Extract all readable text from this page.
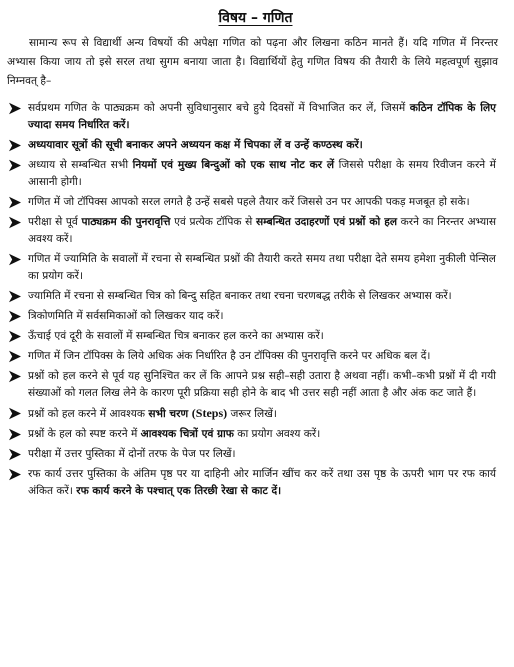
विषय – गणित

सामान्य रूप से विद्यार्थी अन्य विषयों की अपेक्षा गणित को पढ़ना और लिखना कठिन मानते हैं। यदि गणित में निरन्तर अभ्यास किया जाय तो इसे सरल तथा सुगम बनाया जाता है। विद्यार्थियों हेतु गणित विषय की तैयारी के लिये महत्वपूर्ण सुझाव निम्नवत् है–

सर्वप्रथम गणित के पाठ्यक्रम को अपनी सुविधानुसार बचे हुये दिवसों में विभाजित कर लें, जिसमें कठिन टॉपिक के लिए ज्यादा समय निर्धारित करें।
अध्ययावार सूत्रों की सूची बनाकर अपने अध्ययन कक्ष में चिपका लें व उन्हें कण्ठस्थ करें।
अध्याय से सम्बन्धित सभी नियमों एवं मुख्य बिन्दुओं को एक साथ नोट कर लें जिससे परीक्षा के समय रिवीजन करने में आसानी होगी।
गणित में जो टॉपिक्स आपको सरल लगते है उन्हें सबसे पहले तैयार करें जिससे उन पर आपकी पकड़ मजबूत हो सके।
परीक्षा से पूर्व पाठ्यक्रम की पुनरावृत्ति एवं प्रत्येक टॉपिक से सम्बन्धित उदाहरणों एवं प्रश्नों को हल करने का निरन्तर अभ्यास अवश्य करें।
गणित में ज्यामिति के सवालों में रचना से सम्बन्धित प्रश्नों की तैयारी करते समय तथा परीक्षा देते समय हमेशा नुकीली पेन्सिल का प्रयोग करें।
ज्यामिति में रचना से सम्बन्धित चित्र को बिन्दु सहित बनाकर तथा रचना चरणबद्ध तरीके से लिखकर अभ्यास करें।
त्रिकोणमिति में सर्वसमिकाओं को लिखकर याद करें।
ऊँचाई एवं दूरी के सवालों में सम्बन्धित चित्र बनाकर हल करने का अभ्यास करें।
गणित में जिन टॉपिक्स के लिये अधिक अंक निर्धारित है उन टॉपिक्स की पुनरावृत्ति करने पर अधिक बल दें।
प्रश्नों को हल करने से पूर्व यह सुनिश्चित कर लें कि आपने प्रश्न सही–सही उतारा है अथवा नहीं। कभी–कभी प्रश्नों में दी गयी संख्याओं को गलत लिख लेने के कारण पूरी प्रक्रिया सही होने के बाद भी उत्तर सही नहीं आता है और अंक कट जाते हैं।
प्रश्नों को हल करने में आवश्यक सभी चरण (Steps) जरूर लिखें।
प्रश्नों के हल को स्पष्ट करने में आवश्यक चित्रों एवं ग्राफ का प्रयोग अवश्य करें।
परीक्षा में उत्तर पुस्तिका में दोनों तरफ के पेज पर लिखें।
रफ कार्य उत्तर पुस्तिका के अंतिम पृष्ठ पर या दाहिनी ओर मार्जिन खींच कर करें तथा उस पृष्ठ के ऊपरी भाग पर रफ कार्य अंकित करें। रफ कार्य करने के पश्चात् एक तिरछी रेखा से काट दें।
